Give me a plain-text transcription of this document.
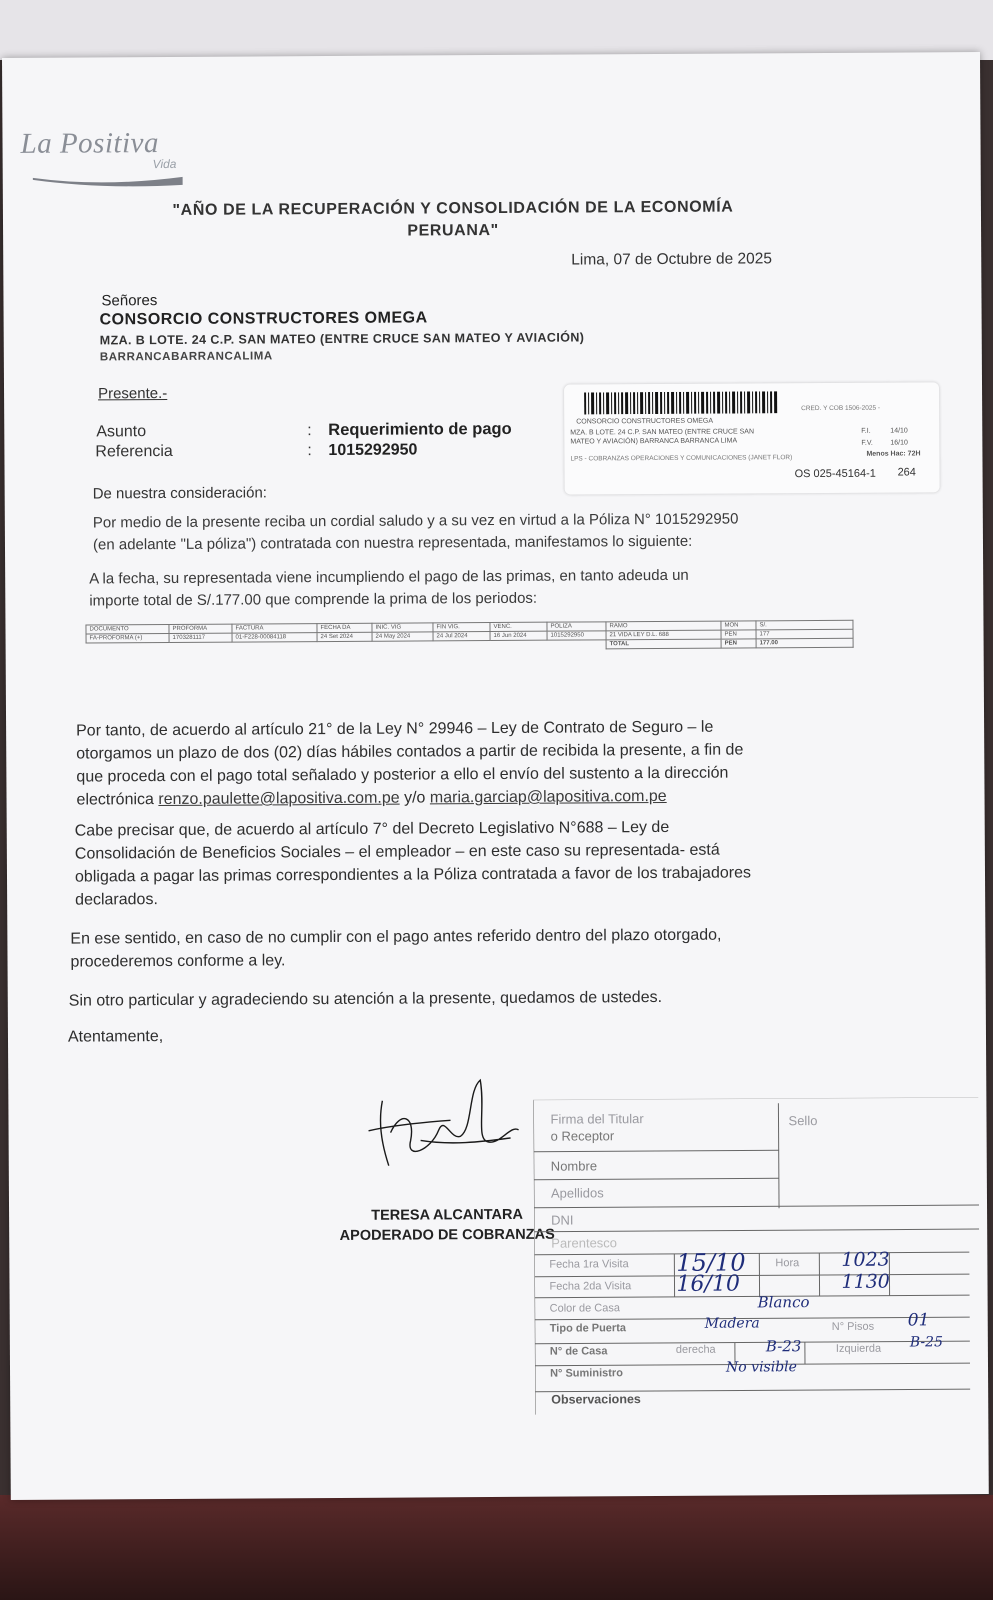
La Positiva
Vida
"AÑO DE LA RECUPERACIÓN Y CONSOLIDACIÓN DE LA ECONOMÍA
PERUANA"
Lima, 07 de Octubre de 2025
Señores
CONSORCIO CONSTRUCTORES OMEGA
MZA. B LOTE. 24 C.P. SAN MATEO (ENTRE CRUCE SAN MATEO Y AVIACIÓN)
BARRANCABARRANCALIMA
Presente.-
Asunto	: Requerimiento de pago
Referencia	: 1015292950
CRED. Y COB 1506-2025 -
CONSORCIO CONSTRUCTORES OMEGA
MZA. B LOTE. 24 C.P. SAN MATEO (ENTRE CRUCE SAN
MATEO Y AVIACIÓN) BARRANCA BARRANCA LIMA
F.I.	14/10
F.V.	16/10
Menos Hac: 72H
LPS - COBRANZAS OPERACIONES Y COMUNICACIONES (JANET FLOR)
OS 025-45164-1 264
De nuestra consideración:
Por medio de la presente reciba un cordial saludo y a su vez en virtud a la Póliza N° 1015292950
(en adelante "La póliza") contratada con nuestra representada, manifestamos lo siguiente:
A la fecha, su representada viene incumpliendo el pago de las primas, en tanto adeuda un
importe total de S/.177.00 que comprende la prima de los periodos:
DOCUMENTO	PROFORMA	FACTURA	FECHA DA	INIC. VIG	FIN VIG.	VENC.	POLIZA	RAMO	MON	S/.
FA-PROFORMA (+)	1703281117	01-F228-00084118	24 Set 2024	24 May 2024	24 Jul 2024	16 Jun 2024	1015292950	21 VIDA LEY D.L. 688	PEN	177
								TOTAL	PEN	177.00
Por tanto, de acuerdo al artículo 21° de la Ley N° 29946 – Ley de Contrato de Seguro – le
otorgamos un plazo de dos (02) días hábiles contados a partir de recibida la presente, a fin de
que proceda con el pago total señalado y posterior a ello el envío del sustento a la dirección
electrónica renzo.paulette@lapositiva.com.pe y/o maria.garciap@lapositiva.com.pe
Cabe precisar que, de acuerdo al artículo 7° del Decreto Legislativo N°688 – Ley de
Consolidación de Beneficios Sociales – el empleador – en este caso su representada- está
obligada a pagar las primas correspondientes a la Póliza contratada a favor de los trabajadores
declarados.
En ese sentido, en caso de no cumplir con el pago antes referido dentro del plazo otorgado,
procederemos conforme a ley.
Sin otro particular y agradeciendo su atención a la presente, quedamos de ustedes.
Atentamente,
TERESA ALCANTARA
APODERADO DE COBRANZAS
Firma del Titular
o Receptor
Sello
Nombre
Apellidos
DNI
Parentesco
Fecha 1ra Visita 15/10	Hora 1023
Fecha 2da Visita 16/10	1130
Color de Casa	Blanco
Tipo de Puerta	Madera	N° Pisos 01
N° de Casa	derecha	B-23	Izquierda B-25
N° Suministro	No visible
Observaciones
